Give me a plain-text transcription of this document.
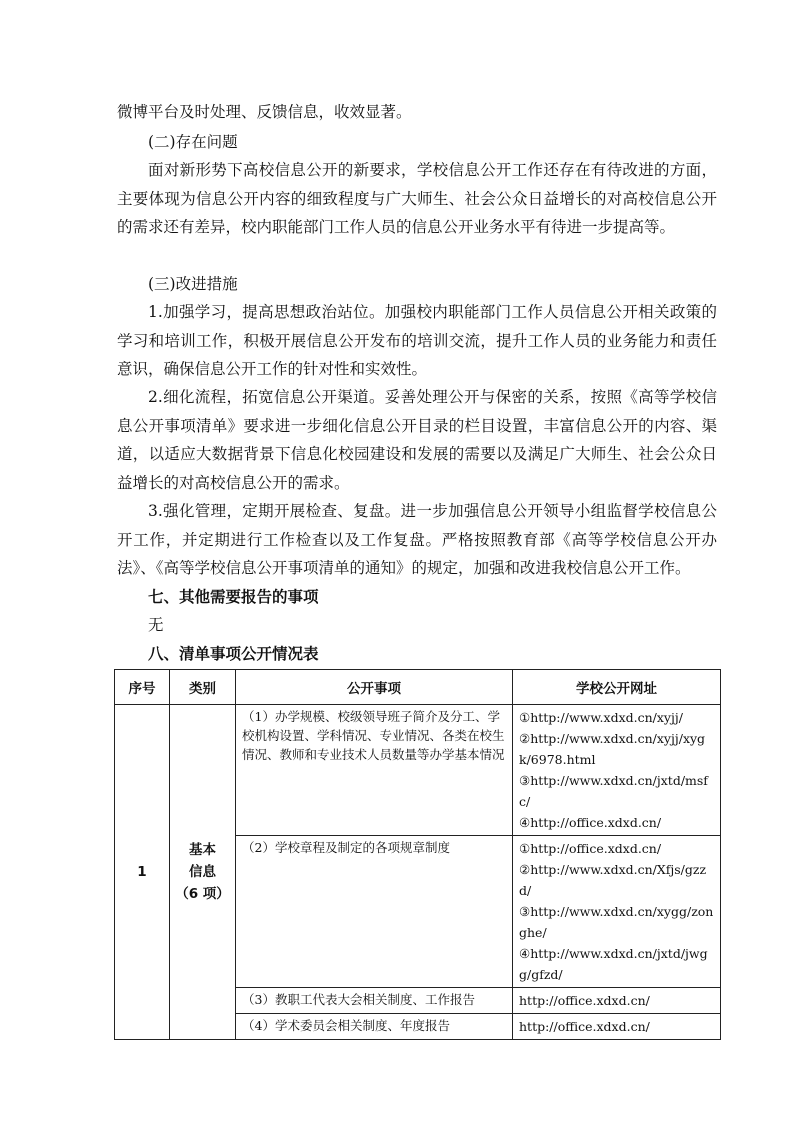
微博平台及时处理、反馈信息，收效显著。

(二)存在问题

面对新形势下高校信息公开的新要求，学校信息公开工作还存在有待改进的方面，主要体现为信息公开内容的细致程度与广大师生、社会公众日益增长的对高校信息公开的需求还有差异，校内职能部门工作人员的信息公开业务水平有待进一步提高等。

(三)改进措施

1.加强学习，提高思想政治站位。加强校内职能部门工作人员信息公开相关政策的学习和培训工作，积极开展信息公开发布的培训交流，提升工作人员的业务能力和责任意识，确保信息公开工作的针对性和实效性。

2.细化流程，拓宽信息公开渠道。妥善处理公开与保密的关系，按照《高等学校信息公开事项清单》要求进一步细化信息公开目录的栏目设置，丰富信息公开的内容、渠道，以适应大数据背景下信息化校园建设和发展的需要以及满足广大师生、社会公众日益增长的对高校信息公开的需求。

3.强化管理，定期开展检查、复盘。进一步加强信息公开领导小组监督学校信息公开工作，并定期进行工作检查以及工作复盘。严格按照教育部《高等学校信息公开办法》、《高等学校信息公开事项清单的通知》的规定，加强和改进我校信息公开工作。

七、其他需要报告的事项

无

八、清单事项公开情况表

序号	类别	公开事项	学校公开网址
1	基本
信息
（6 项）	（1）办学规模、校级领导班子简介及分工、学校机构设置、学科情况、专业情况、各类在校生情况、教师和专业技术人员数量等办学基本情况	①http://www.xdxd.cn/xyjj/
②http://www.xdxd.cn/xyjj/xygk/6978.html
③http://www.xdxd.cn/jxtd/msfc/
④http://office.xdxd.cn/

		（2）学校章程及制定的各项规章制度	①http://office.xdxd.cn/
②http://www.xdxd.cn/Xfjs/gzzd/
③http://www.xdxd.cn/xygg/zonghe/
④http://www.xdxd.cn/jxtd/jwgg/gfzd/

		（3）教职工代表大会相关制度、工作报告	http://office.xdxd.cn/

		（4）学术委员会相关制度、年度报告	http://office.xdxd.cn/
